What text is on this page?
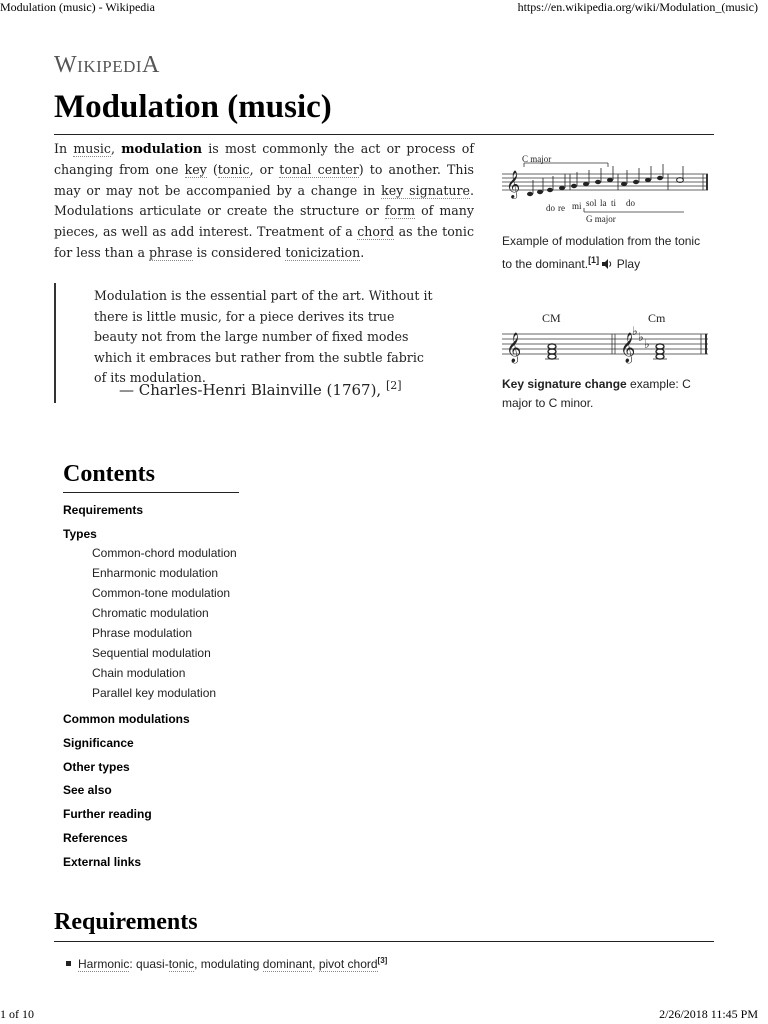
Modulation (music) - Wikipedia	https://en.wikipedia.org/wiki/Modulation_(music)
WikipediA
Modulation (music)

In music, modulation is most commonly the act or process of changing from one key (tonic, or tonal center) to another. This may or may not be accompanied by a change in key signature. Modulations articulate or create the structure or form of many pieces, as well as add interest. Treatment of a chord as the tonic for less than a phrase is considered tonicization.

Modulation is the essential part of the art. Without it there is little music, for a piece derives its true beauty not from the large number of fixed modes which it embraces but rather from the subtle fabric of its modulation.

— Charles-Henri Blainville (1767), [2]

𝄞
C major
do re mi sol la ti do
G major

Example of modulation from the tonic to the dominant.[1] Play

CM	Cm
𝄞	𝄞 ♭ ♭
♭

Key signature change example: C major to C minor.

Contents
Requirements
Types
Common-chord modulation
Enharmonic modulation
Common-tone modulation
Chromatic modulation
Phrase modulation
Sequential modulation
Chain modulation
Parallel key modulation
Common modulations
Significance
Other types
See also
Further reading
References
External links
Requirements
Harmonic: quasi-tonic, modulating dominant, pivot chord[3]
1 of 10	2/26/2018 11:45 PM
